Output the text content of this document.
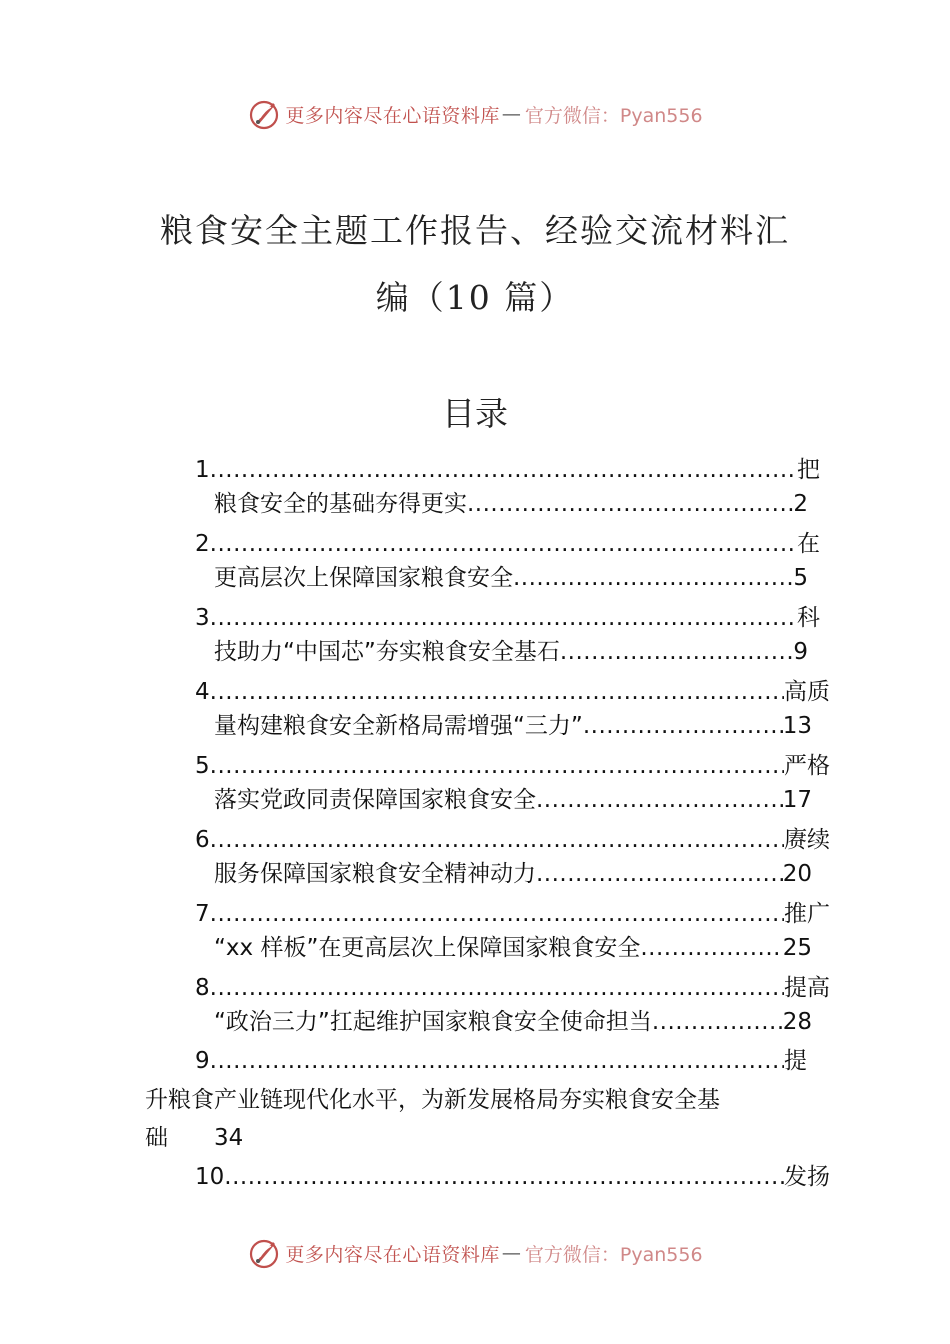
更多内容尽在心语资料库 — 官方微信：Pyan556
粮食安全主题工作报告、经验交流材料汇
编（10 篇）
目录
1 .....	把
粮食安全的基础夯得更实 .....	2
2 .....	在
更高层次上保障国家粮食安全 .....	5
3 .....	科
技助力“中国芯”夯实粮食安全基石 .....	9
4 .....	高质
量构建粮食安全新格局需增强“三力” .....	13
5 .....	严格
落实党政同责保障国家粮食安全 .....	17
6 .....	赓续
服务保障国家粮食安全精神动力 .....	20
7 .....	推广
“xx 样板”在更高层次上保障国家粮食安全 .....	25
8 .....	提高
“政治三力”扛起维护国家粮食安全使命担当 .....	28
9 .....	提
升粮食产业链现代化水平，为新发展格局夯实粮食安全基
础 34
10 .....	发扬
更多内容尽在心语资料库 — 官方微信：Pyan556
